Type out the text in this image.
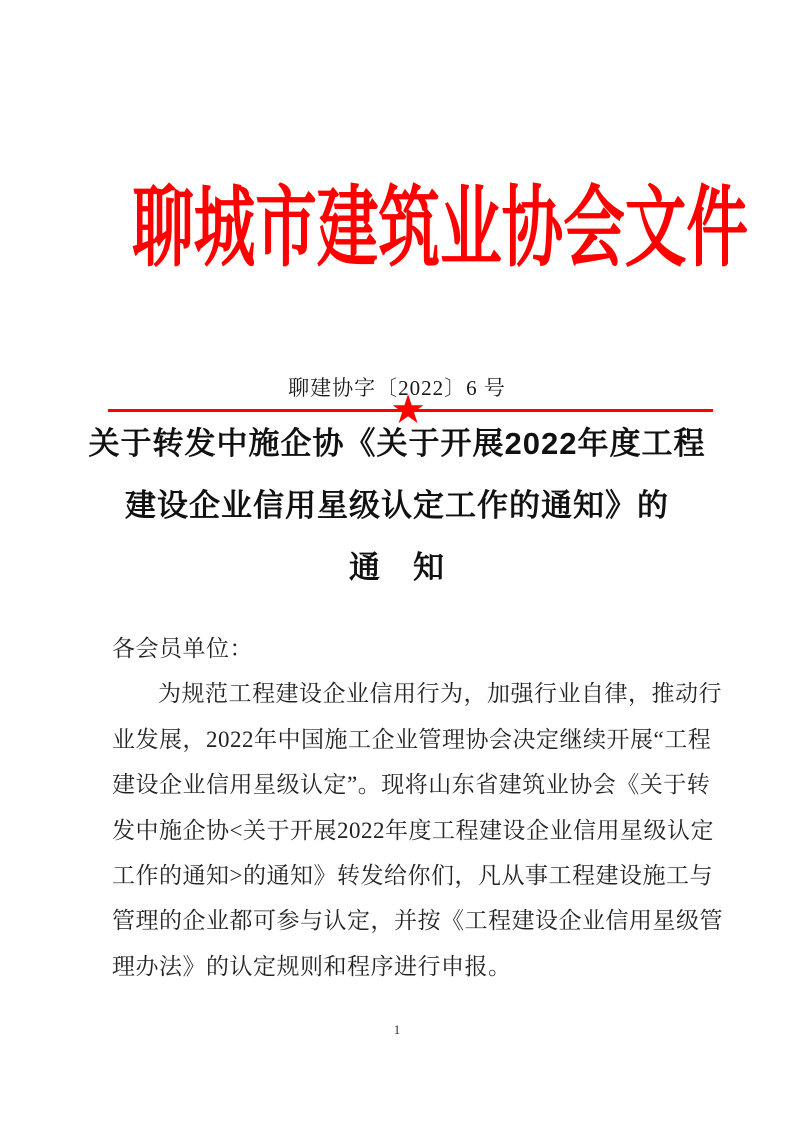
聊城市建筑业协会文件
聊建协字〔2022〕6 号
★
关于转发中施企协《关于开展2022年度工程
建设企业信用星级认定工作的通知》的
通　知
各会员单位：
为规范工程建设企业信用行为，加强行业自律，推动行
业发展，2022年中国施工企业管理协会决定继续开展“工程
建设企业信用星级认定”。现将山东省建筑业协会《关于转
发中施企协<关于开展2022年度工程建设企业信用星级认定
工作的通知>的通知》转发给你们，凡从事工程建设施工与
管理的企业都可参与认定，并按《工程建设企业信用星级管
理办法》的认定规则和程序进行申报。
1
